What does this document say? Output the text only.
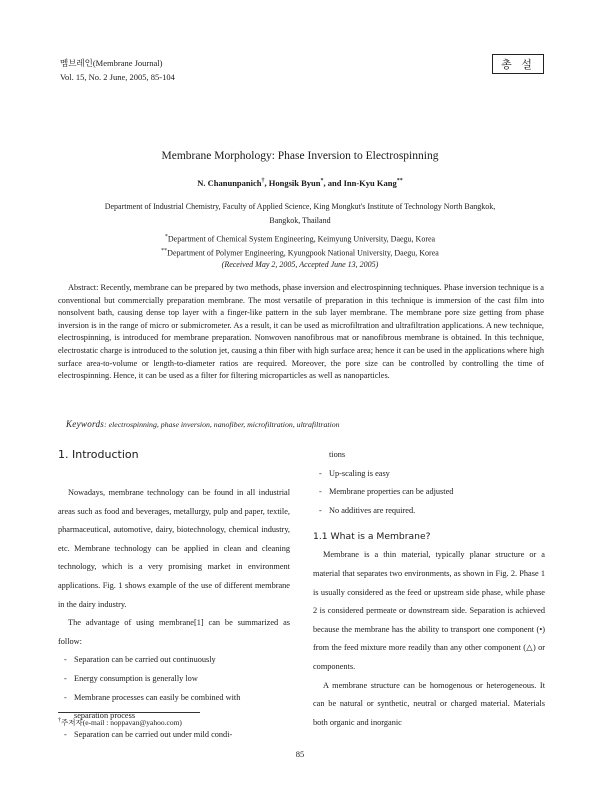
멤브레인(Membrane Journal)
Vol. 15, No. 2 June, 2005, 85-104
총 설
Membrane Morphology: Phase Inversion to Electrospinning
N. Chanunpanich†, Hongsik Byun*, and Inn-Kyu Kang**
Department of Industrial Chemistry, Faculty of Applied Science, King Mongkut's Institute of Technology North Bangkok,
Bangkok, Thailand
*Department of Chemical System Engineering, Keimyung University, Daegu, Korea
**Department of Polymer Engineering, Kyungpook National University, Daegu, Korea
(Received May 2, 2005, Accepted June 13, 2005)
Abstract: Recently, membrane can be prepared by two methods, phase inversion and electrospinning techniques. Phase inversion technique is a conventional but commercially preparation membrane. The most versatile of preparation in this technique is immersion of the cast film into nonsolvent bath, causing dense top layer with a finger-like pattern in the sub layer membrane. The membrane pore size getting from phase inversion is in the range of micro or submicrometer. As a result, it can be used as microfiltration and ultrafiltration applications. A new technique, electrospinning, is introduced for membrane preparation. Nonwoven nanofibrous mat or nanofibrous membrane is obtained. In this technique, electrostatic charge is introduced to the solution jet, causing a thin fiber with high surface area; hence it can be used in the applications where high surface area-to-volume or length-to-diameter ratios are required. Moreover, the pore size can be controlled by controlling the time of electrospinning. Hence, it can be used as a filter for filtering microparticles as well as nanoparticles.
Keywords: electrospinning, phase inversion, nanofiber, microfiltration, ultrafiltration
1. Introduction

Nowadays, membrane technology can be found in all industrial areas such as food and beverages, metallurgy, pulp and paper, textile, pharmaceutical, automotive, dairy, biotechnology, chemical industry, etc. Membrane technology can be applied in clean and cleaning technology, which is a very promising market in environment applications. Fig. 1 shows example of the use of different membrane in the dairy industry.

The advantage of using membrane[1] can be summarized as follow:

- Separation can be carried out continuously
- Energy consumption is generally low
- Membrane processes can easily be combined with
separation process
- Separation can be carried out under mild condi-

tions

- Up-scaling is easy
- Membrane properties can be adjusted
- No additives are required.
1.1 What is a Membrane?

Membrane is a thin material, typically planar structure or a material that separates two environments, as shown in Fig. 2. Phase 1 is usually considered as the feed or upstream side phase, while phase 2 is considered permeate or downstream side. Separation is achieved because the membrane has the ability to transport one component (•) from the feed mixture more readily than any other component (△) or components.

A membrane structure can be homogenous or heterogeneous. It can be natural or synthetic, neutral or charged material. Materials both organic and inorganic

†주저자(e-mail : noppavan@yahoo.com)
85
